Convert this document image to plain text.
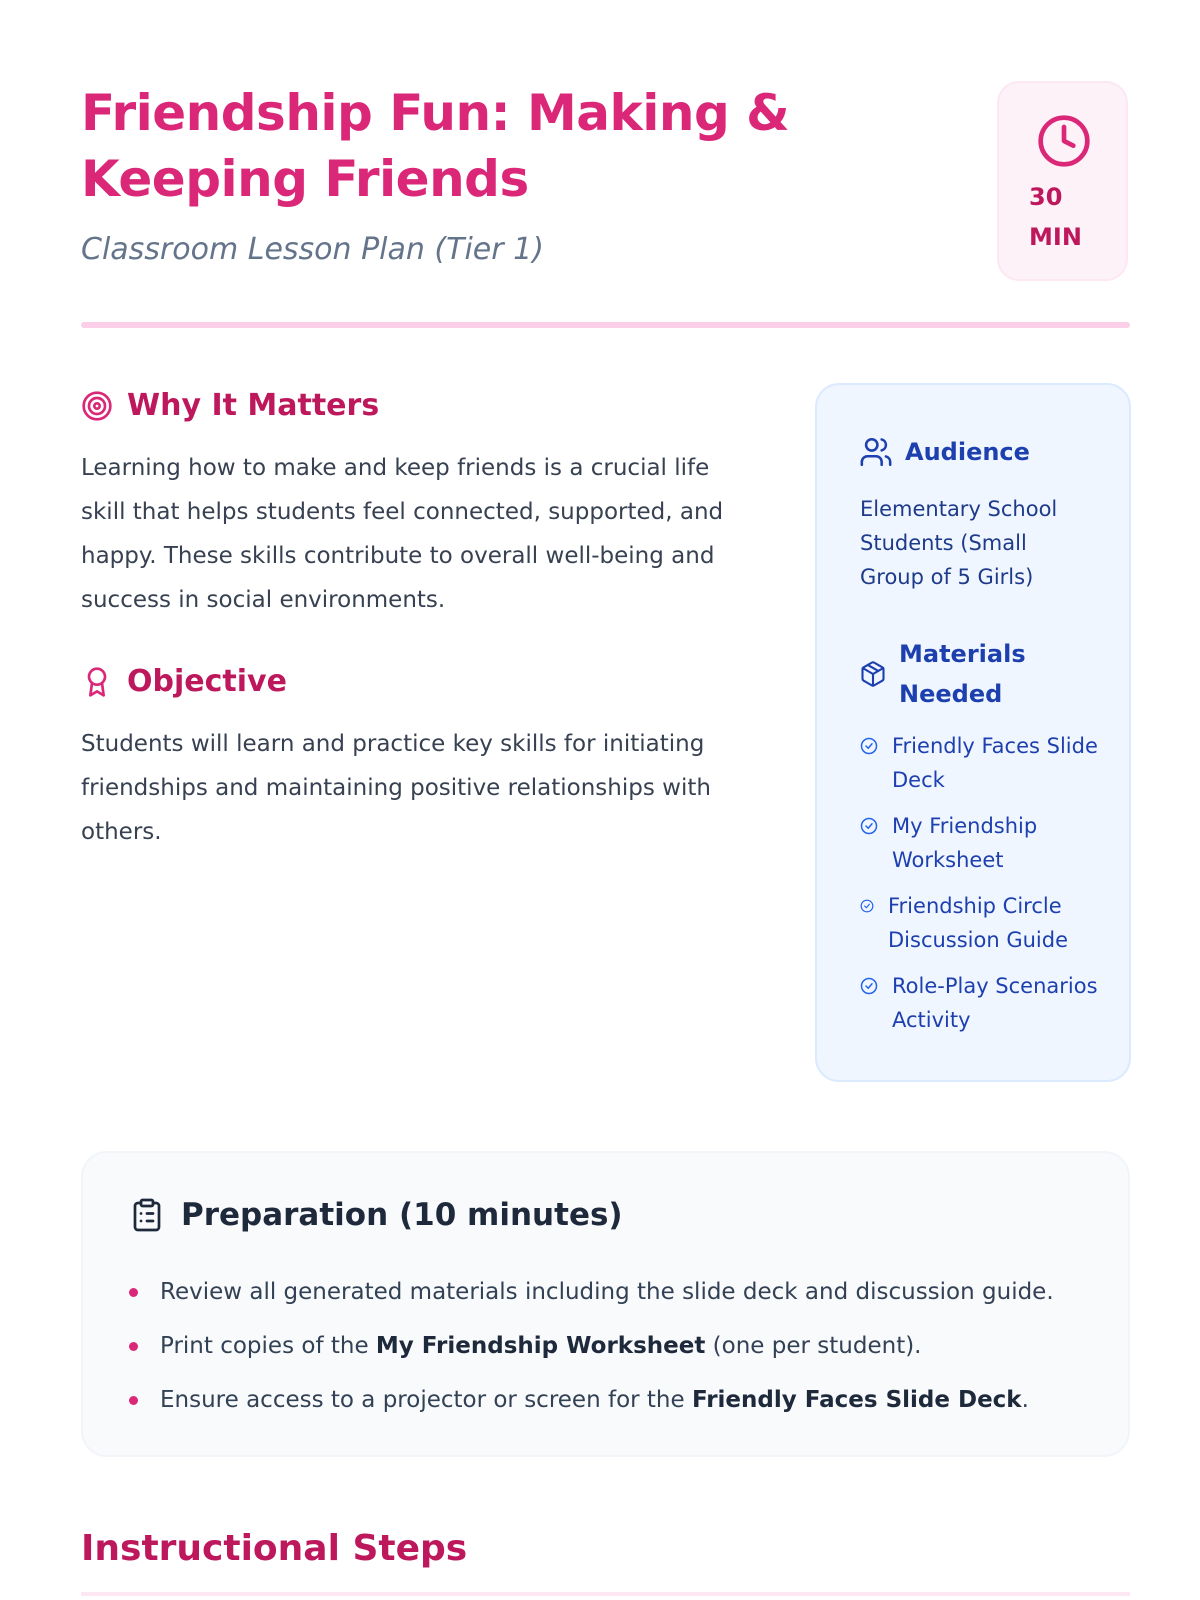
Friendship Fun: Making & Keeping Friends
Classroom Lesson Plan (Tier 1)
30
MIN
Why It Matters

Learning how to make and keep friends is a crucial life skill that helps students feel connected, supported, and happy. These skills contribute to overall well-being and success in social environments.

Objective

Students will learn and practice key skills for initiating friendships and maintaining positive relationships with others.

Audience
Elementary School Students (Small Group of 5 Girls)
Materials
Needed
Friendly Faces Slide Deck
My Friendship Worksheet
Friendship Circle Discussion Guide
Role-Play Scenarios Activity
Preparation (10 minutes)
Review all generated materials including the slide deck and discussion guide.
Print copies of the My Friendship Worksheet (one per student).
Ensure access to a projector or screen for the Friendly Faces Slide Deck.
Instructional Steps
